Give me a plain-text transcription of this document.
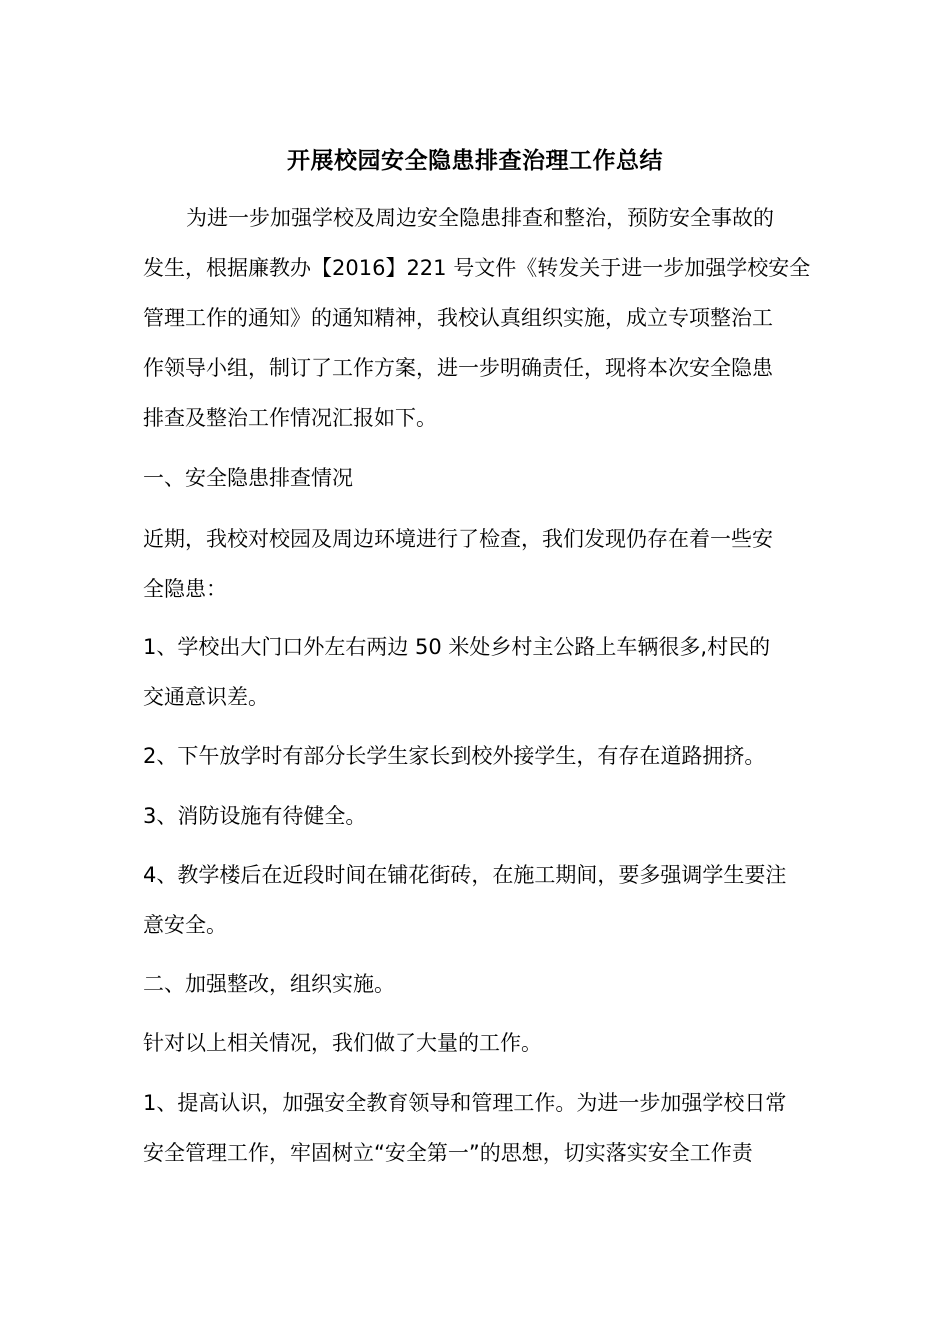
开展校园安全隐患排查治理工作总结
为进一步加强学校及周边安全隐患排查和整治，预防安全事故的
发生，根据廉教办【2016】221 号文件《转发关于进一步加强学校安全
管理工作的通知》的通知精神，我校认真组织实施，成立专项整治工
作领导小组，制订了工作方案，进一步明确责任，现将本次安全隐患
排查及整治工作情况汇报如下。
一、安全隐患排查情况
近期，我校对校园及周边环境进行了检查，我们发现仍存在着一些安
全隐患：
1、学校出大门口外左右两边 50 米处乡村主公路上车辆很多,村民的
交通意识差。
2、下午放学时有部分长学生家长到校外接学生，有存在道路拥挤。
3、消防设施有待健全。
4、教学楼后在近段时间在铺花街砖，在施工期间，要多强调学生要注
意安全。
二、加强整改，组织实施。
针对以上相关情况，我们做了大量的工作。
1、提高认识，加强安全教育领导和管理工作。为进一步加强学校日常
安全管理工作，牢固树立“安全第一”的思想，切实落实安全工作责
